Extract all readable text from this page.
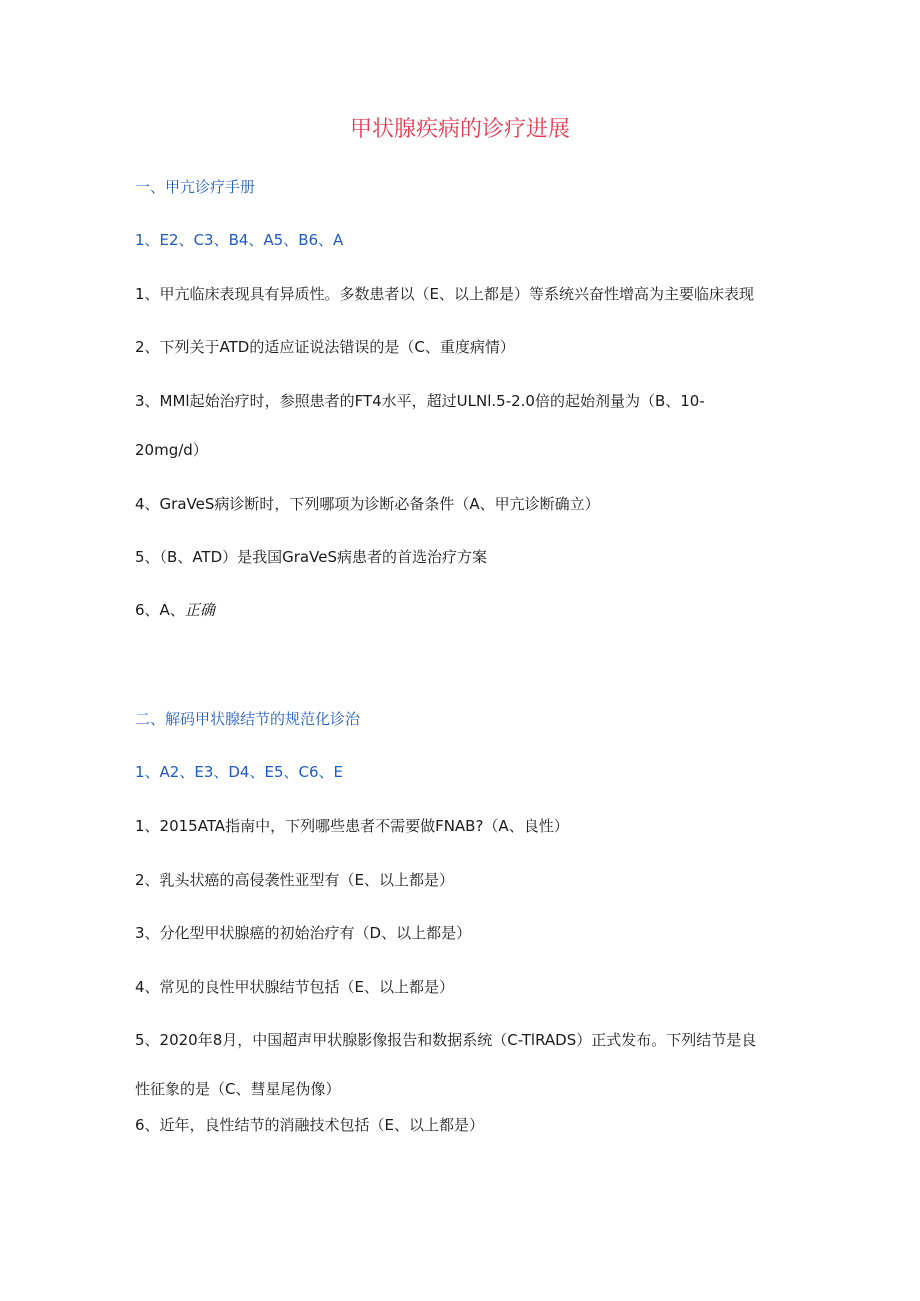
甲状腺疾病的诊疗进展

一、甲亢诊疗手册

1、E2、C3、B4、A5、B6、A

1、甲亢临床表现具有异质性。多数患者以（E、以上都是）等系统兴奋性增高为主要临床表现

2、下列关于ATD的适应证说法错误的是（C、重度病情）

3、MMl起始治疗时，参照患者的FT4水平，超过ULNl.5-2.0倍的起始剂量为（B、10-

20mg/d）

4、GraVeS病诊断时，下列哪项为诊断必备条件（A、甲亢诊断确立）

5、（B、ATD）是我国GraVeS病患者的首选治疗方案

6、A、正确

二、解码甲状腺结节的规范化诊治

1、A2、E3、D4、E5、C6、E

1、2015ATA指南中，下列哪些患者不需要做FNAB?（A、良性）

2、乳头状癌的高侵袭性亚型有（E、以上都是）

3、分化型甲状腺癌的初始治疗有（D、以上都是）

4、常见的良性甲状腺结节包括（E、以上都是）

5、2020年8月，中国超声甲状腺影像报告和数据系统（C-TlRADS）正式发布。下列结节是良

性征象的是（C、彗星尾伪像）

6、近年，良性结节的消融技术包括（E、以上都是）
